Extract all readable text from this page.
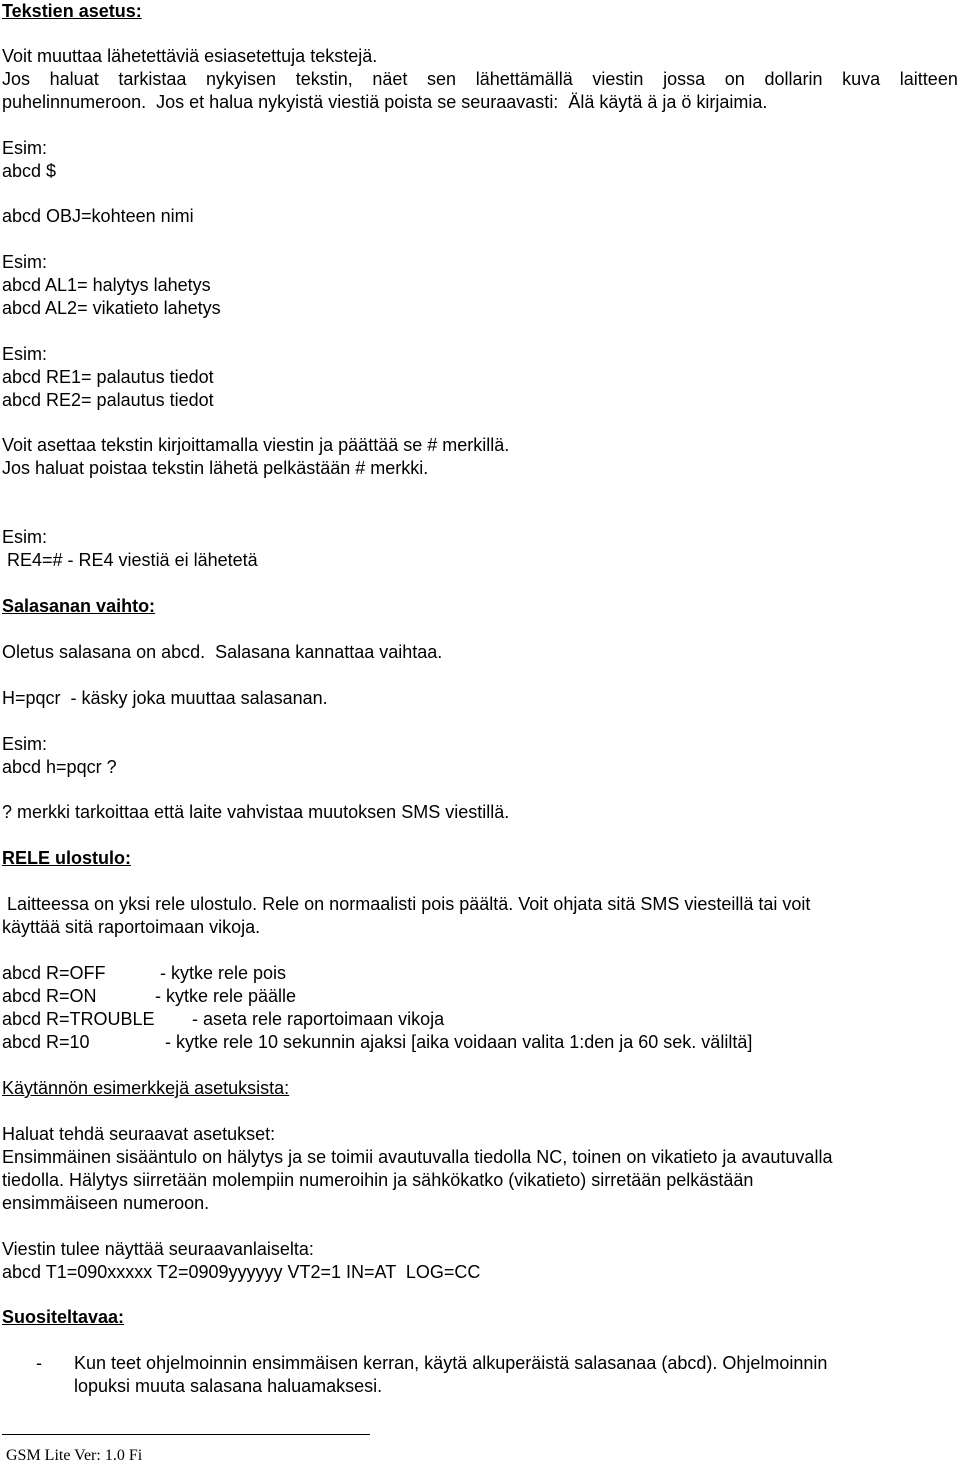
Tekstien asetus:
Voit muuttaa lähetettäviä esiasetettuja tekstejä.
Jos haluat tarkistaa nykyisen tekstin, näet sen lähettämällä viestin jossa on dollarin kuva laitteen
puhelinnumeroon.  Jos et halua nykyistä viestiä poista se seuraavasti:  Älä käytä ä ja ö kirjaimia.
Esim:
abcd $
abcd OBJ=kohteen nimi
Esim:
abcd AL1= halytys lahetys
abcd AL2= vikatieto lahetys
Esim:
abcd RE1= palautus tiedot
abcd RE2= palautus tiedot
Voit asettaa tekstin kirjoittamalla viestin ja päättää se # merkillä.
Jos haluat poistaa tekstin lähetä pelkästään # merkki.
Esim:
RE4=# - RE4 viestiä ei lähetetä
Salasanan vaihto:
Oletus salasana on abcd.  Salasana kannattaa vaihtaa.
H=pqcr  - käsky joka muuttaa salasanan.
Esim:
abcd h=pqcr ?
? merkki tarkoittaa että laite vahvistaa muutoksen SMS viestillä.
RELE ulostulo:
Laitteessa on yksi rele ulostulo. Rele on normaalisti pois päältä. Voit ohjata sitä SMS viesteillä tai voit
käyttää sitä raportoimaan vikoja.
abcd R=OFF	- kytke rele pois
abcd R=ON	- kytke rele päälle
abcd R=TROUBLE - aseta rele raportoimaan vikoja
abcd R=10	- kytke rele 10 sekunnin ajaksi [aika voidaan valita 1:den ja 60 sek. väliltä]
Käytännön esimerkkejä asetuksista:
Haluat tehdä seuraavat asetukset:
Ensimmäinen sisääntulo on hälytys ja se toimii avautuvalla tiedolla NC, toinen on vikatieto ja avautuvalla
tiedolla. Hälytys siirretään molempiin numeroihin ja sähkökatko (vikatieto) sirretään pelkästään
ensimmäiseen numeroon.
Viestin tulee näyttää seuraavanlaiselta:
abcd T1=090xxxxx T2=0909yyyyyy VT2=1 IN=AT  LOG=CC
Suositeltavaa:
- Kun teet ohjelmoinnin ensimmäisen kerran, käytä alkuperäistä salasanaa (abcd). Ohjelmoinnin
lopuksi muuta salasana haluamaksesi.
GSM Lite Ver: 1.0 Fi
